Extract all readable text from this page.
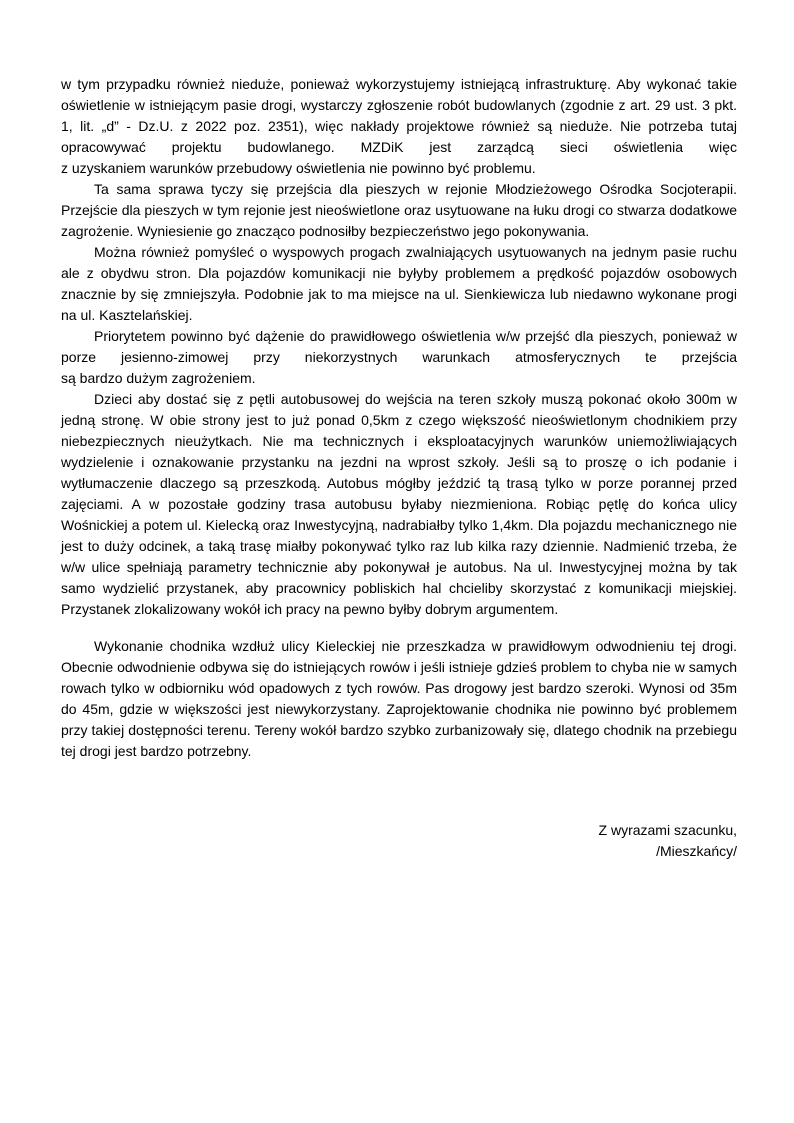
w tym przypadku również nieduże, ponieważ wykorzystujemy istniejącą infrastrukturę. Aby wykonać takie oświetlenie w istniejącym pasie drogi, wystarczy zgłoszenie robót budowlanych (zgodnie z art. 29 ust. 3 pkt. 1, lit. „d” - Dz.U. z 2022 poz. 2351), więc nakłady projektowe również są nieduże. Nie potrzeba tutaj opracowywać projektu budowlanego. MZDiK jest zarządcą sieci oświetlenia więc
z uzyskaniem warunków przebudowy oświetlenia nie powinno być problemu.
Ta sama sprawa tyczy się przejścia dla pieszych w rejonie Młodzieżowego Ośrodka Socjoterapii. Przejście dla pieszych w tym rejonie jest nieoświetlone oraz usytuowane na łuku drogi co stwarza dodatkowe zagrożenie. Wyniesienie go znacząco podnosiłby bezpieczeństwo jego pokonywania.
Można również pomyśleć o wyspowych progach zwalniających usytuowanych na jednym pasie ruchu ale z obydwu stron. Dla pojazdów komunikacji nie byłyby problemem a prędkość pojazdów osobowych znacznie by się zmniejszyła. Podobnie jak to ma miejsce na ul. Sienkiewicza lub niedawno wykonane progi na ul. Kasztelańskiej.
Priorytetem powinno być dążenie do prawidłowego oświetlenia w/w przejść dla pieszych, ponieważ w porze jesienno-zimowej przy niekorzystnych warunkach atmosferycznych te przejścia
są bardzo dużym zagrożeniem.
Dzieci aby dostać się z pętli autobusowej do wejścia na teren szkoły muszą pokonać około 300m w jedną stronę. W obie strony jest to już ponad 0,5km z czego większość nieoświetlonym chodnikiem przy niebezpiecznych nieużytkach. Nie ma technicznych i eksploatacyjnych warunków uniemożliwiających wydzielenie i oznakowanie przystanku na jezdni na wprost szkoły. Jeśli są to proszę o ich podanie i wytłumaczenie dlaczego są przeszkodą. Autobus mógłby jeździć tą trasą tylko w porze porannej przed zajęciami. A w pozostałe godziny trasa autobusu byłaby niezmieniona. Robiąc pętlę do końca ulicy Wośnickiej a potem ul. Kielecką oraz Inwestycyjną, nadrabiałby tylko 1,4km. Dla pojazdu mechanicznego nie jest to duży odcinek, a taką trasę miałby pokonywać tylko raz lub kilka razy dziennie. Nadmienić trzeba, że w/w ulice spełniają parametry technicznie aby pokonywał je autobus. Na ul. Inwestycyjnej można by tak samo wydzielić przystanek, aby pracownicy pobliskich hal chcieliby skorzystać z komunikacji miejskiej. Przystanek zlokalizowany wokół ich pracy na pewno byłby dobrym argumentem.
Wykonanie chodnika wzdłuż ulicy Kieleckiej nie przeszkadza w prawidłowym odwodnieniu tej drogi. Obecnie odwodnienie odbywa się do istniejących rowów i jeśli istnieje gdzieś problem to chyba nie w samych rowach tylko w odbiorniku wód opadowych z tych rowów. Pas drogowy jest bardzo szeroki. Wynosi od 35m do 45m, gdzie w większości jest niewykorzystany. Zaprojektowanie chodnika nie powinno być problemem przy takiej dostępności terenu. Tereny wokół bardzo szybko zurbanizowały się, dlatego chodnik na przebiegu tej drogi jest bardzo potrzebny.
Z wyrazami szacunku,
/Mieszkańcy/
